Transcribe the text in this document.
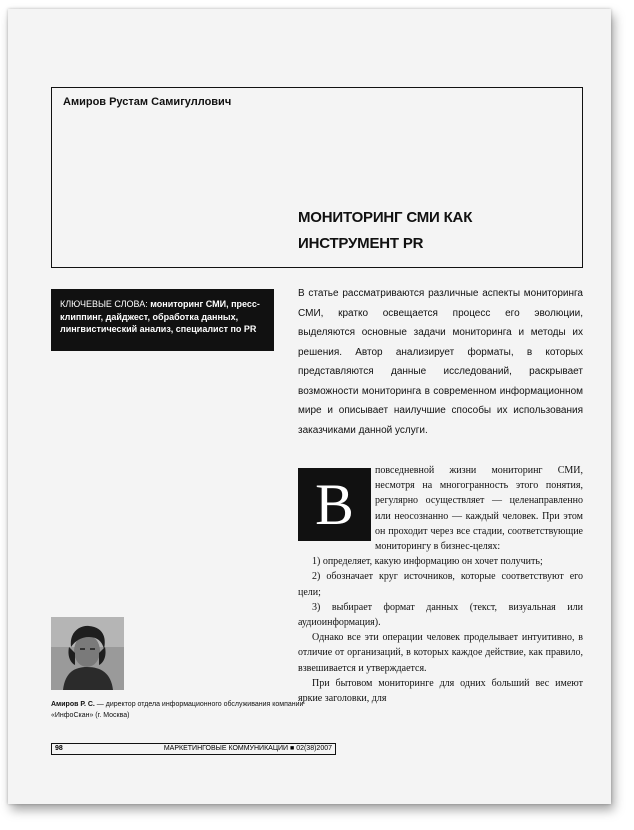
Амиров Рустам Самигуллович
МОНИТОРИНГ СМИ КАК
ИНСТРУМЕНТ PR
КЛЮЧЕВЫЕ СЛОВА: мониторинг СМИ, пресс-клиппинг, дайджест, обработка данных, лингвистический анализ, специалист по PR
В статье рассматриваются различные аспекты мониторинга СМИ, кратко освещается процесс его эволюции, выделяются основные задачи мониторинга и методы их решения. Автор анализирует форматы, в которых представляются данные исследований, раскрывает возможности мониторинга в современном информационном мире и описывает наилучшие способы их использования заказчиками данной услуги.

повседневной жизни мониторинг СМИ, несмотря на многогранность этого понятия, регулярно осуществляет — целенаправленно или неосознанно — каждый человек. При этом он проходит через все стадии, соответствующие мониторингу в бизнес-целях:

1) определяет, какую информацию он хочет получить;

2) обозначает круг источников, которые соответствуют его цели;

3) выбирает формат данных (текст, визуальная или аудиоинформация).

Однако все эти операции человек проделывает интуитивно, в отличие от организаций, в которых каждое действие, как правило, взвешивается и утверждается.

При бытовом мониторинге для одних больший вес имеют яркие заголовки, для

В
Амиров Р. С. — директор отдела информационного обслуживания компании «ИнфоСкан» (г. Москва)
98	МАРКЕТИНГОВЫЕ КОММУНИКАЦИИ ■ 02(38)2007
